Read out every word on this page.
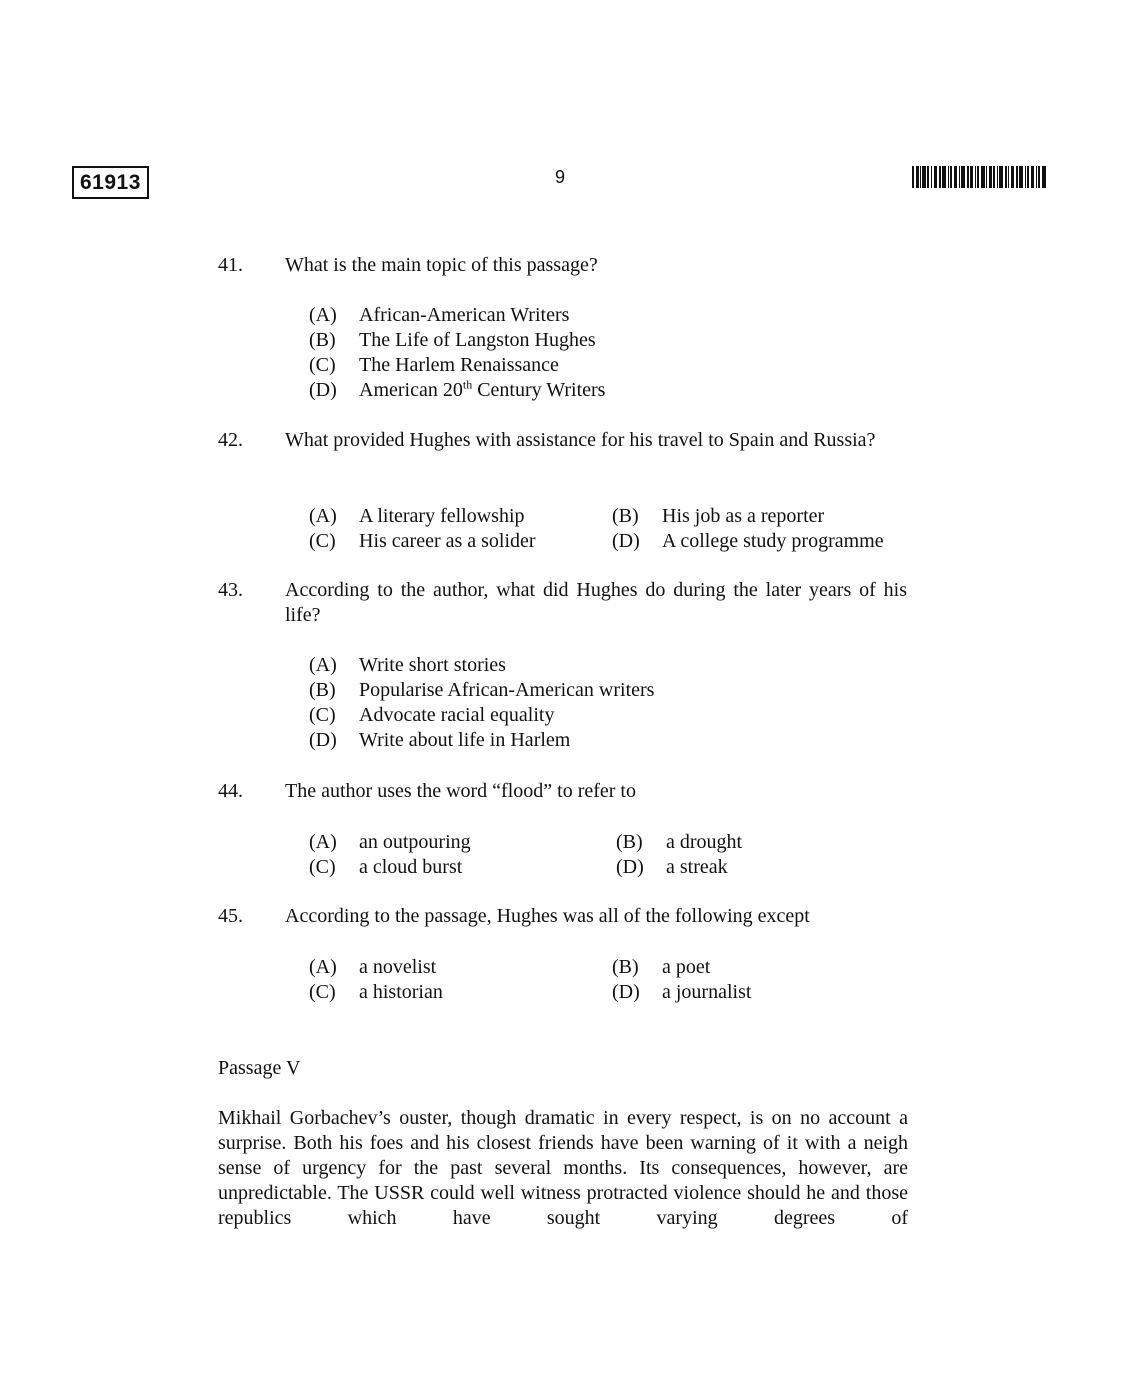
61913	9
41. What is the main topic of this passage?
(A) African-American Writers
(B) The Life of Langston Hughes
(C) The Harlem Renaissance
(D) American 20th Century Writers
42. What provided Hughes with assistance for his travel to Spain and Russia?
(A) A literary fellowship	(B) His job as a reporter
(C) His career as a solider	(D) A college study programme
43. According to the author, what did Hughes do during the later years of his life?
(A) Write short stories
(B) Popularise African-American writers
(C) Advocate racial equality
(D) Write about life in Harlem
44. The author uses the word “flood” to refer to
(A) an outpouring	(B) a drought
(C) a cloud burst	(D) a streak
45. According to the passage, Hughes was all of the following except
(A) a novelist	(B) a poet
(C) a historian	(D) a journalist
Passage V
Mikhail Gorbachev’s ouster, though dramatic in every respect, is on no account a surprise. Both his foes and his closest friends have been warning of it with a neigh sense of urgency for the past several months. Its consequences, however, are unpredictable. The USSR could well witness protracted violence should he and those republics which have sought varying degrees of
